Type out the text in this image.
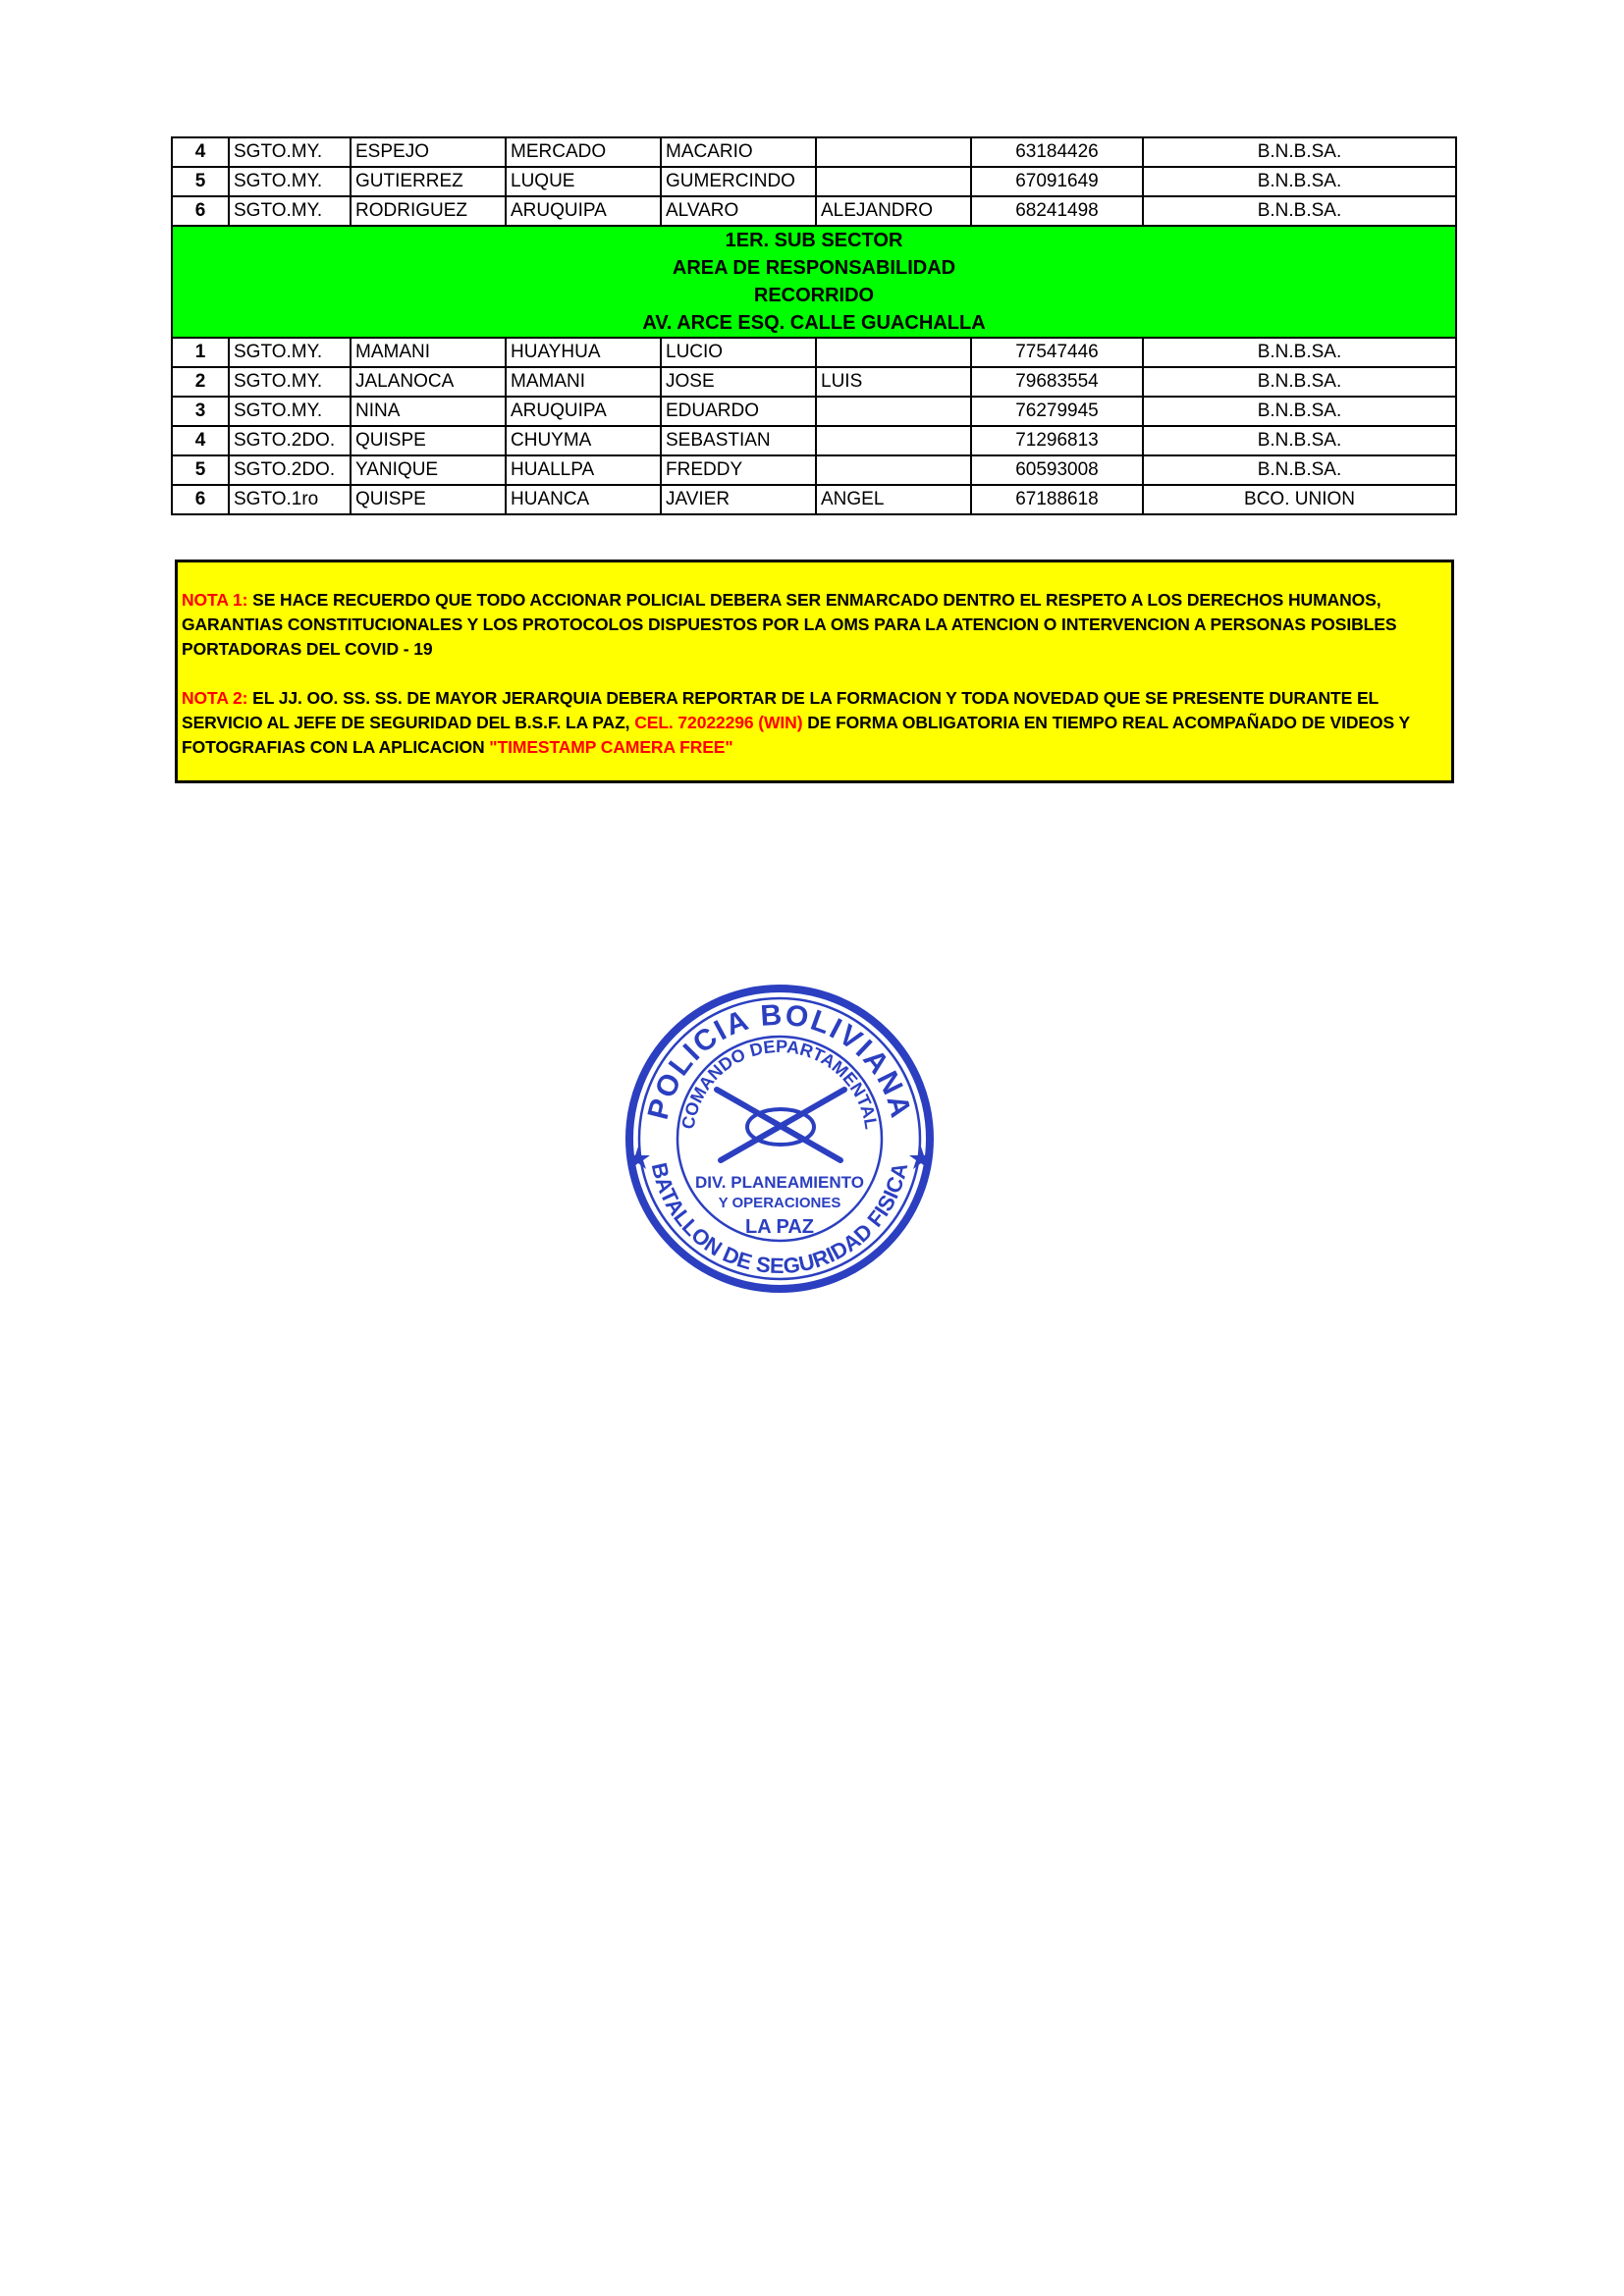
4	SGTO.MY.	ESPEJO	MERCADO	MACARIO		63184426	B.N.B.SA.
5	SGTO.MY.	GUTIERREZ	LUQUE	GUMERCINDO		67091649	B.N.B.SA.
6	SGTO.MY.	RODRIGUEZ	ARUQUIPA	ALVARO	ALEJANDRO	68241498	B.N.B.SA.

1ER. SUB SECTOR
AREA DE RESPONSABILIDAD
RECORRIDO
AV. ARCE ESQ. CALLE GUACHALLA							

1	SGTO.MY.	MAMANI	HUAYHUA	LUCIO		77547446	B.N.B.SA.
2	SGTO.MY.	JALANOCA	MAMANI	JOSE	LUIS	79683554	B.N.B.SA.
3	SGTO.MY.	NINA	ARUQUIPA	EDUARDO		76279945	B.N.B.SA.
4	SGTO.2DO.	QUISPE	CHUYMA	SEBASTIAN		71296813	B.N.B.SA.
5	SGTO.2DO.	YANIQUE	HUALLPA	FREDDY		60593008	B.N.B.SA.
6	SGTO.1ro	QUISPE	HUANCA	JAVIER	ANGEL	67188618	BCO. UNION

NOTA 1: SE HACE RECUERDO QUE TODO ACCIONAR POLICIAL DEBERA SER ENMARCADO DENTRO EL RESPETO A LOS DERECHOS HUMANOS, GARANTIAS CONSTITUCIONALES Y LOS PROTOCOLOS DISPUESTOS POR LA OMS PARA LA ATENCION O INTERVENCION A PERSONAS POSIBLES PORTADORAS DEL COVID - 19

NOTA 2: EL JJ. OO. SS. SS. DE MAYOR JERARQUIA DEBERA REPORTAR DE LA FORMACION Y TODA NOVEDAD QUE SE PRESENTE DURANTE EL SERVICIO AL JEFE DE SEGURIDAD DEL B.S.F. LA PAZ, CEL. 72022296 (WIN) DE FORMA OBLIGATORIA EN TIEMPO REAL ACOMPAÑADO DE VIDEOS Y FOTOGRAFIAS CON LA APLICACION "TIMESTAMP CAMERA FREE"

POLICIA BOLIVIANA
COMANDO DEPARTAMENTAL
BATALLON DE SEGURIDAD FISICA
DIV. PLANEAMIENTO
Y OPERACIONES
LA PAZ
